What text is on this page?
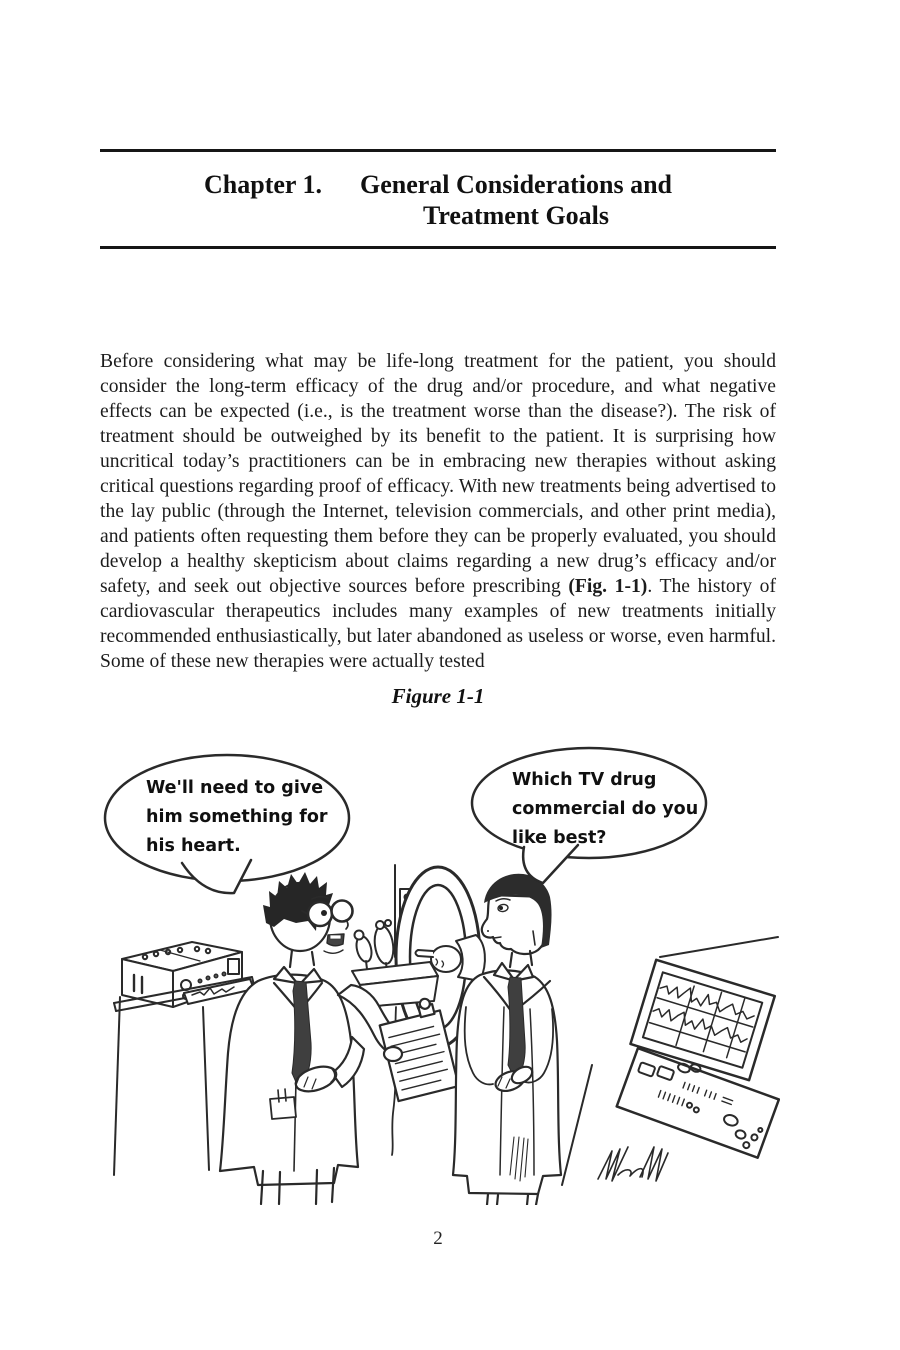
Chapter 1. General Considerations and
Treatment Goals

Before considering what may be life-long treatment for the patient, you should consider the long-term efficacy of the drug and/or procedure, and what negative effects can be expected (i.e., is the treatment worse than the disease?). The risk of treatment should be outweighed by its benefit to the patient. It is surprising how uncritical today’s practitioners can be in embracing new therapies without asking critical questions regarding proof of efficacy. With new treatments being advertised to the lay public (through the Internet, television commercials, and other print media), and patients often requesting them before they can be properly evaluated, you should develop a healthy skepticism about claims regarding a new drug’s efficacy and/or safety, and seek out objective sources before prescribing (Fig. 1-1). The history of cardiovascular therapeutics includes many examples of new treatments initially recommended enthusiastically, but later abandoned as useless or worse, even harmful. Some of these new therapies were actually tested

Figure 1-1
We'll need to give
him something for
his heart.
Which TV drug
commercial do you
like best?
2
